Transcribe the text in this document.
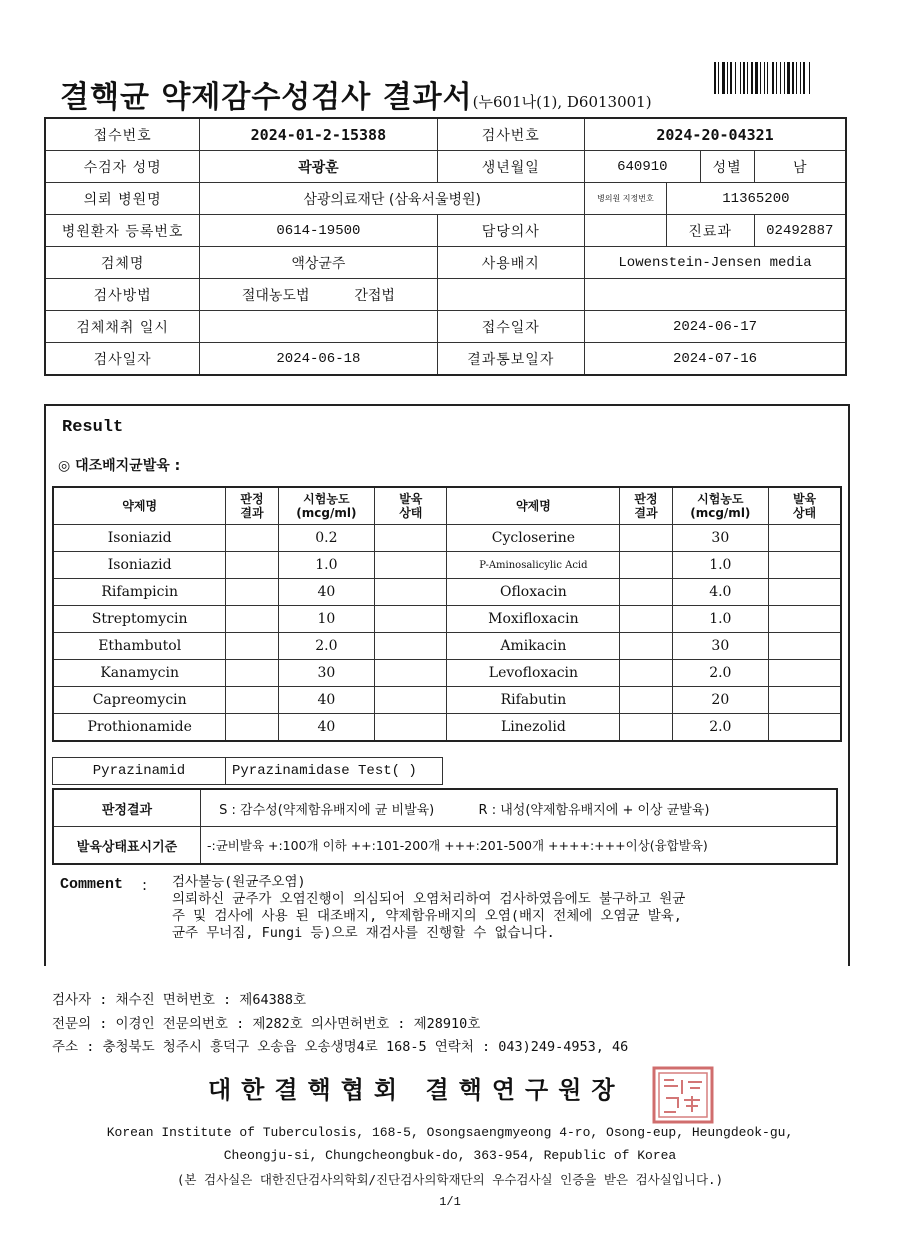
결핵균 약제감수성검사 결과서(누601나(1), D6013001)
접수번호	2024-01-2-15388	검사번호	2024-20-04321			
수검자 성명	곽광훈	생년월일	640910		성별	남
의뢰 병원명	삼광의료재단 (삼육서울병원)		병의원 지정번호	11365200		
병원환자 등록번호	0614-19500	담당의사		진료과		02492887
검체명	액상균주	사용배지	Lowenstein-Jensen media			
검사방법	절대농도법 간접법					
검체채취 일시		접수일자	2024-06-17			
검사일자	2024-06-18	결과통보일자	2024-07-16			
Result
◎ 대조배지균발육 :
약제명	판정 결과	시험농도 (mcg/ml)	발육 상태	약제명	판정 결과	시험농도 (mcg/ml)	발육 상태
Isoniazid		0.2		Cycloserine		30	
Isoniazid		1.0		P-Aminosalicylic Acid		1.0	
Rifampicin		40		Ofloxacin		4.0	
Streptomycin		10		Moxifloxacin		1.0	
Ethambutol		2.0		Amikacin		30	
Kanamycin		30		Levofloxacin		2.0	
Capreomycin		40		Rifabutin		20	
Prothionamide		40		Linezolid		2.0	
Pyrazinamid	Pyrazinamidase Test( )
판정결과	S : 감수성(약제함유배지에 균 비발육) R : 내성(약제함유배지에 + 이상 균발육)
발육상태표시기준	-:균비발육 +:100개 이하 ++:101-200개 +++:201-500개 ++++:+++이상(융합발육)
Comment : 검사불능(원균주오염)
의뢰하신 균주가 오염진행이 의심되어 오염처리하여 검사하였음에도 불구하고 원균
주 및 검사에 사용 된 대조배지, 약제함유배지의 오염(배지 전체에 오염균 발육,
균주 무너짐, Fungi 등)으로 재검사를 진행할 수 없습니다.
검사자 : 채수진 면허번호 : 제64388호
전문의 : 이경인 전문의번호 : 제282호 의사면허번호 : 제28910호
주소 : 충청북도 청주시 흥덕구 오송읍 오송생명4로 168-5 연락처 : 043)249-4953, 46
대한결핵협회 결핵연구원장
Korean Institute of Tuberculosis, 168-5, Osongsaengmyeong 4-ro, Osong-eup, Heungdeok-gu,
Cheongju-si, Chungcheongbuk-do, 363-954, Republic of Korea
(본 검사실은 대한진단검사의학회/진단검사의학재단의 우수검사실 인증을 받은 검사실입니다.)
1/1
